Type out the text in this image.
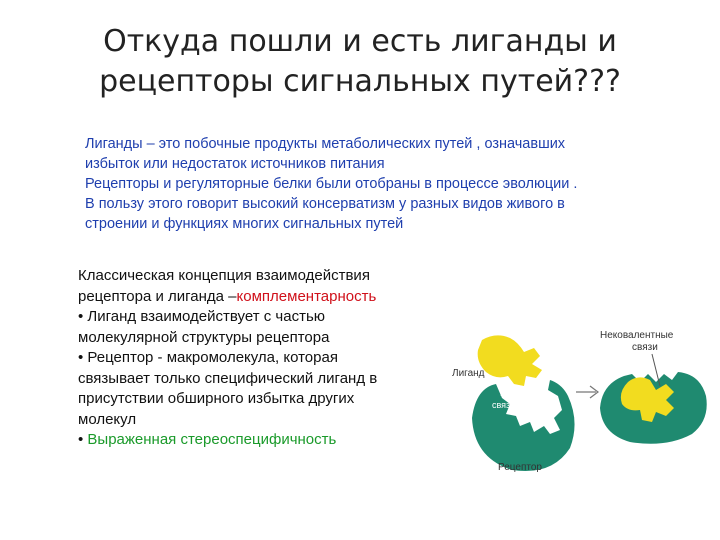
Откуда пошли и есть лиганды и
рецепторы сигнальных путей???
Лиганды – это побочные продукты метаболических путей , означавших
избыток или недостаток источников питания
Рецепторы и регуляторные белки были отобраны в процессе эволюции .
В пользу этого говорит высокий консерватизм у разных видов живого в
строении и функциях многих сигнальных путей
Классическая концепция взаимодействия
рецептора и лиганда –комплементарность
• Лиганд взаимодействует с частью
молекулярной структуры рецептора
• Рецептор - макромолекула, которая
связывает только специфический лиганд в
присутствии обширного избытка других
молекул
• Выраженная стереоспецифичность
Лиганд
Место
связывания
Рецептор
Нековалентные
связи
